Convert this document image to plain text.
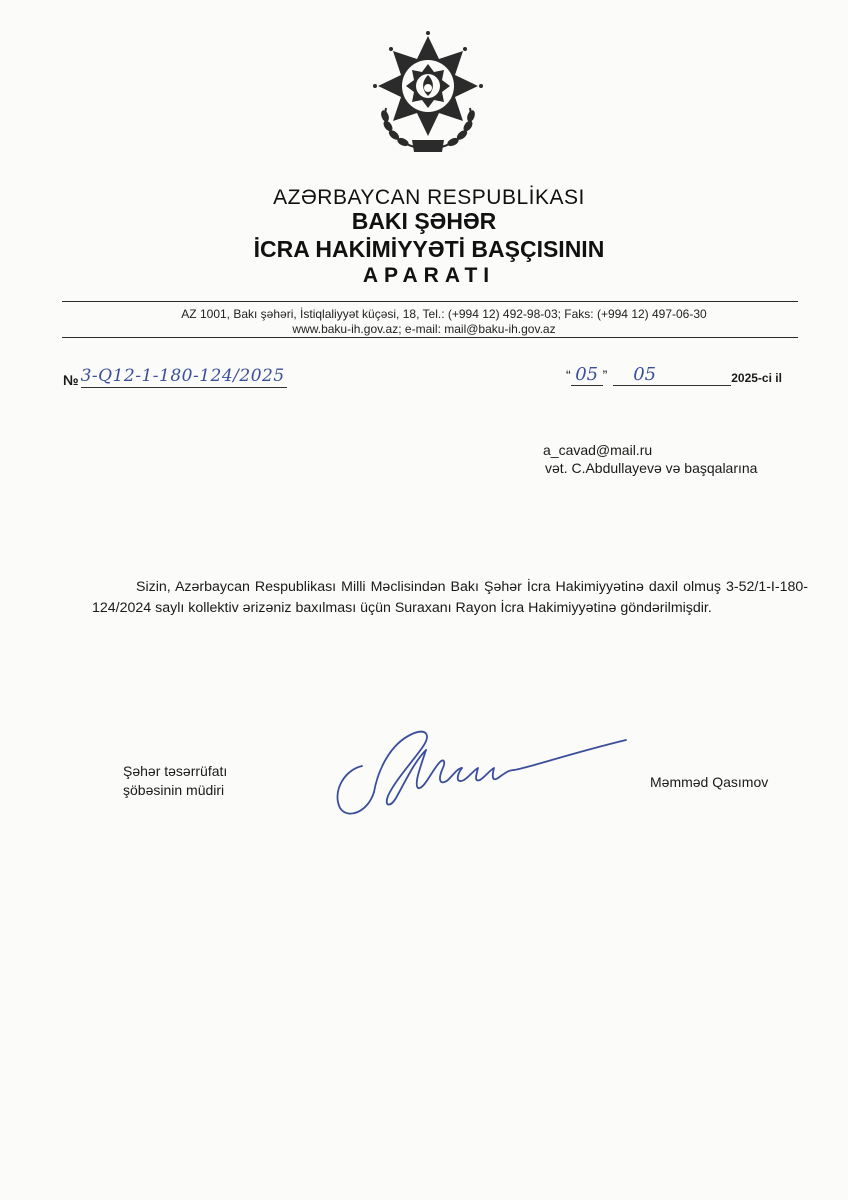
AZƏRBAYCAN RESPUBLİKASI
BAKI ŞƏHƏR
İCRA HAKİMİYYƏTİ BAŞÇISININ
APARATI
AZ 1001, Bakı şəhəri, İstiqlaliyyət küçəsi, 18, Tel.: (+994 12) 492-98-03; Faks: (+994 12) 497-06-30
www.baku-ih.gov.az; e-mail: mail@baku-ih.gov.az
№ 3-Q12-1-180-124/2025	“ 05 ” 05	2025-ci il
a_cavad@mail.ru
vət. C.Abdullayevə və başqalarına
Sizin, Azərbaycan Respublikası Milli Məclisindən Bakı Şəhər İcra Hakimiyyətinə daxil olmuş 3-52/1-I-180-124/2024 saylı kollektiv ərizəniz baxılması üçün Suraxanı Rayon İcra Hakimiyyətinə göndərilmişdir.
Şəhər təsərrüfatı
şöbəsinin müdiri	Məmməd Qasımov
